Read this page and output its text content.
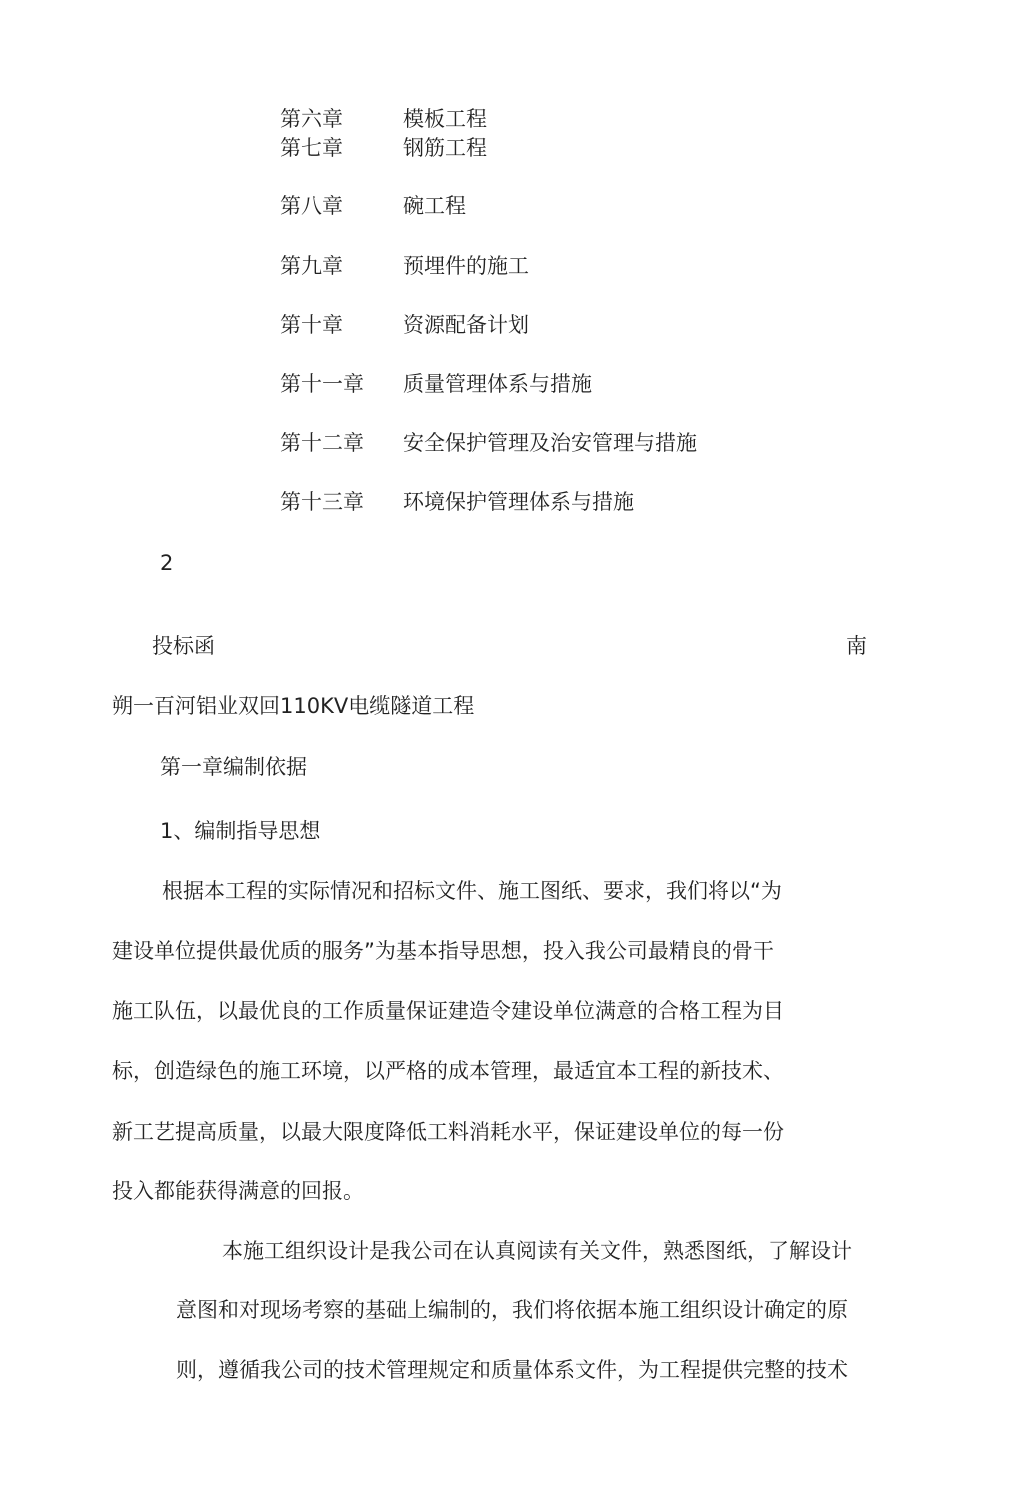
第六章	模板工程
第七章	钢筋工程
第八章	碗工程
第九章	预埋件的施工
第十章	资源配备计划
第十一章 质量管理体系与措施
第十二章 安全保护管理及治安管理与措施
第十三章 环境保护管理体系与措施
2
投标函	南
朔一百河铝业双回110KV电缆隧道工程
第一章编制依据
1、编制指导思想
根据本工程的实际情况和招标文件、施工图纸、要求，我们将以“为
建设单位提供最优质的服务”为基本指导思想，投入我公司最精良的骨干
施工队伍，以最优良的工作质量保证建造令建设单位满意的合格工程为目
标，创造绿色的施工环境，以严格的成本管理，最适宜本工程的新技术、
新工艺提高质量，以最大限度降低工料消耗水平，保证建设单位的每一份
投入都能获得满意的回报。
本施工组织设计是我公司在认真阅读有关文件，熟悉图纸，了解设计
意图和对现场考察的基础上编制的，我们将依据本施工组织设计确定的原
则，遵循我公司的技术管理规定和质量体系文件，为工程提供完整的技术
